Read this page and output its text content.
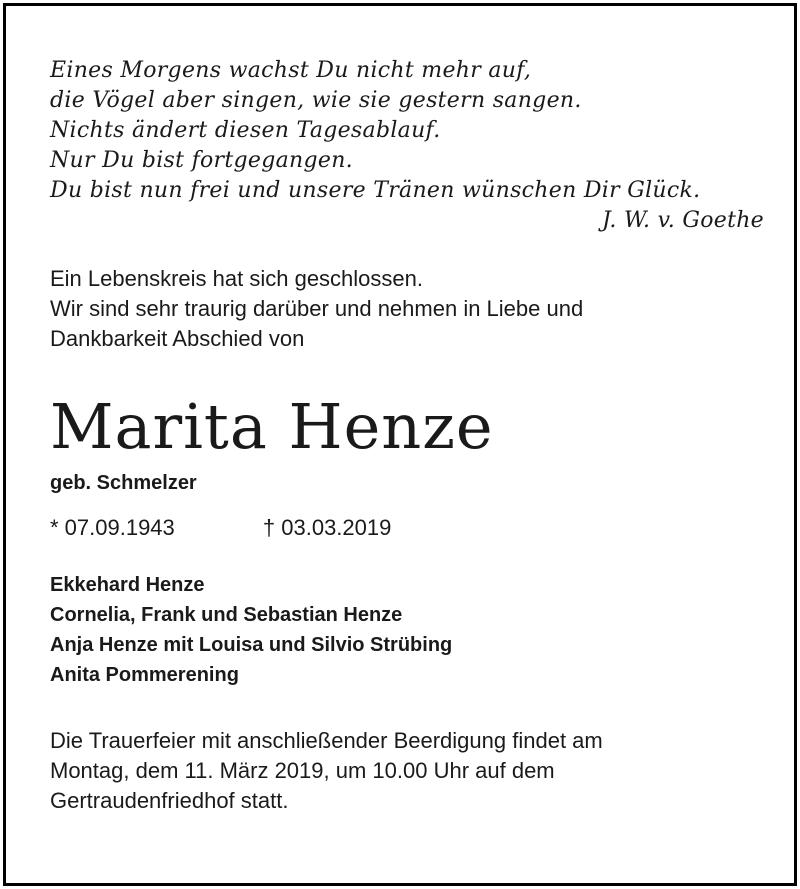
Eines Morgens wachst Du nicht mehr auf,
die Vögel aber singen, wie sie gestern sangen.
Nichts ändert diesen Tagesablauf.
Nur Du bist fortgegangen.
Du bist nun frei und unsere Tränen wünschen Dir Glück.
J. W. v. Goethe
Ein Lebenskreis hat sich geschlossen.
Wir sind sehr traurig darüber und nehmen in Liebe und
Dankbarkeit Abschied von
Marita Henze
geb. Schmelzer
* 07.09.1943	† 03.03.2019
Ekkehard Henze
Cornelia, Frank und Sebastian Henze
Anja Henze mit Louisa und Silvio Strübing
Anita Pommerening
Die Trauerfeier mit anschließender Beerdigung findet am
Montag, dem 11. März 2019, um 10.00 Uhr auf dem
Gertraudenfriedhof statt.
